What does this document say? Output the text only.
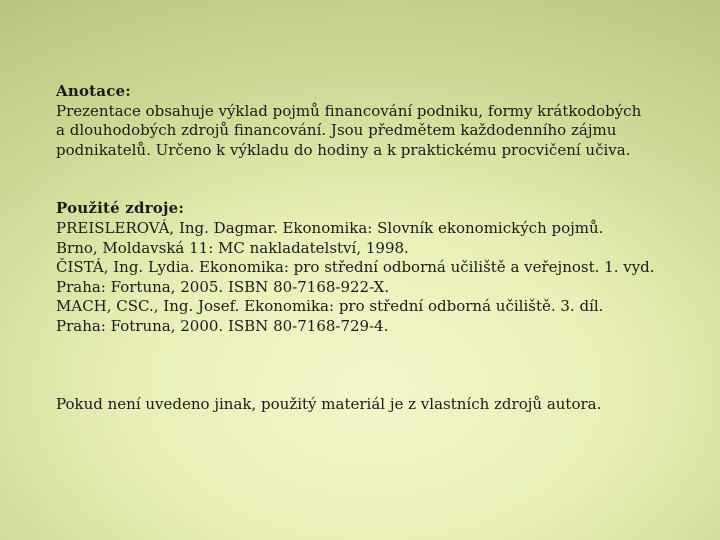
Anotace:
Prezentace obsahuje výklad pojmů financování podniku, formy krátkodobých
a dlouhodobých zdrojů financování. Jsou předmětem každodenního zájmu
podnikatelů. Určeno k výkladu do hodiny a k praktickému procvičení učiva.
Použité zdroje:
PREISLEROVÁ, Ing. Dagmar. Ekonomika: Slovník ekonomických pojmů.
Brno, Moldavská 11: MC nakladatelství, 1998.
ČISTÁ, Ing. Lydia. Ekonomika: pro střední odborná učiliště a veřejnost. 1. vyd.
Praha: Fortuna, 2005. ISBN 80-7168-922-X.
MACH, CSC., Ing. Josef. Ekonomika: pro střední odborná učiliště. 3. díl.
Praha: Fotruna, 2000. ISBN 80-7168-729-4.
Pokud není uvedeno jinak, použitý materiál je z vlastních zdrojů autora.
